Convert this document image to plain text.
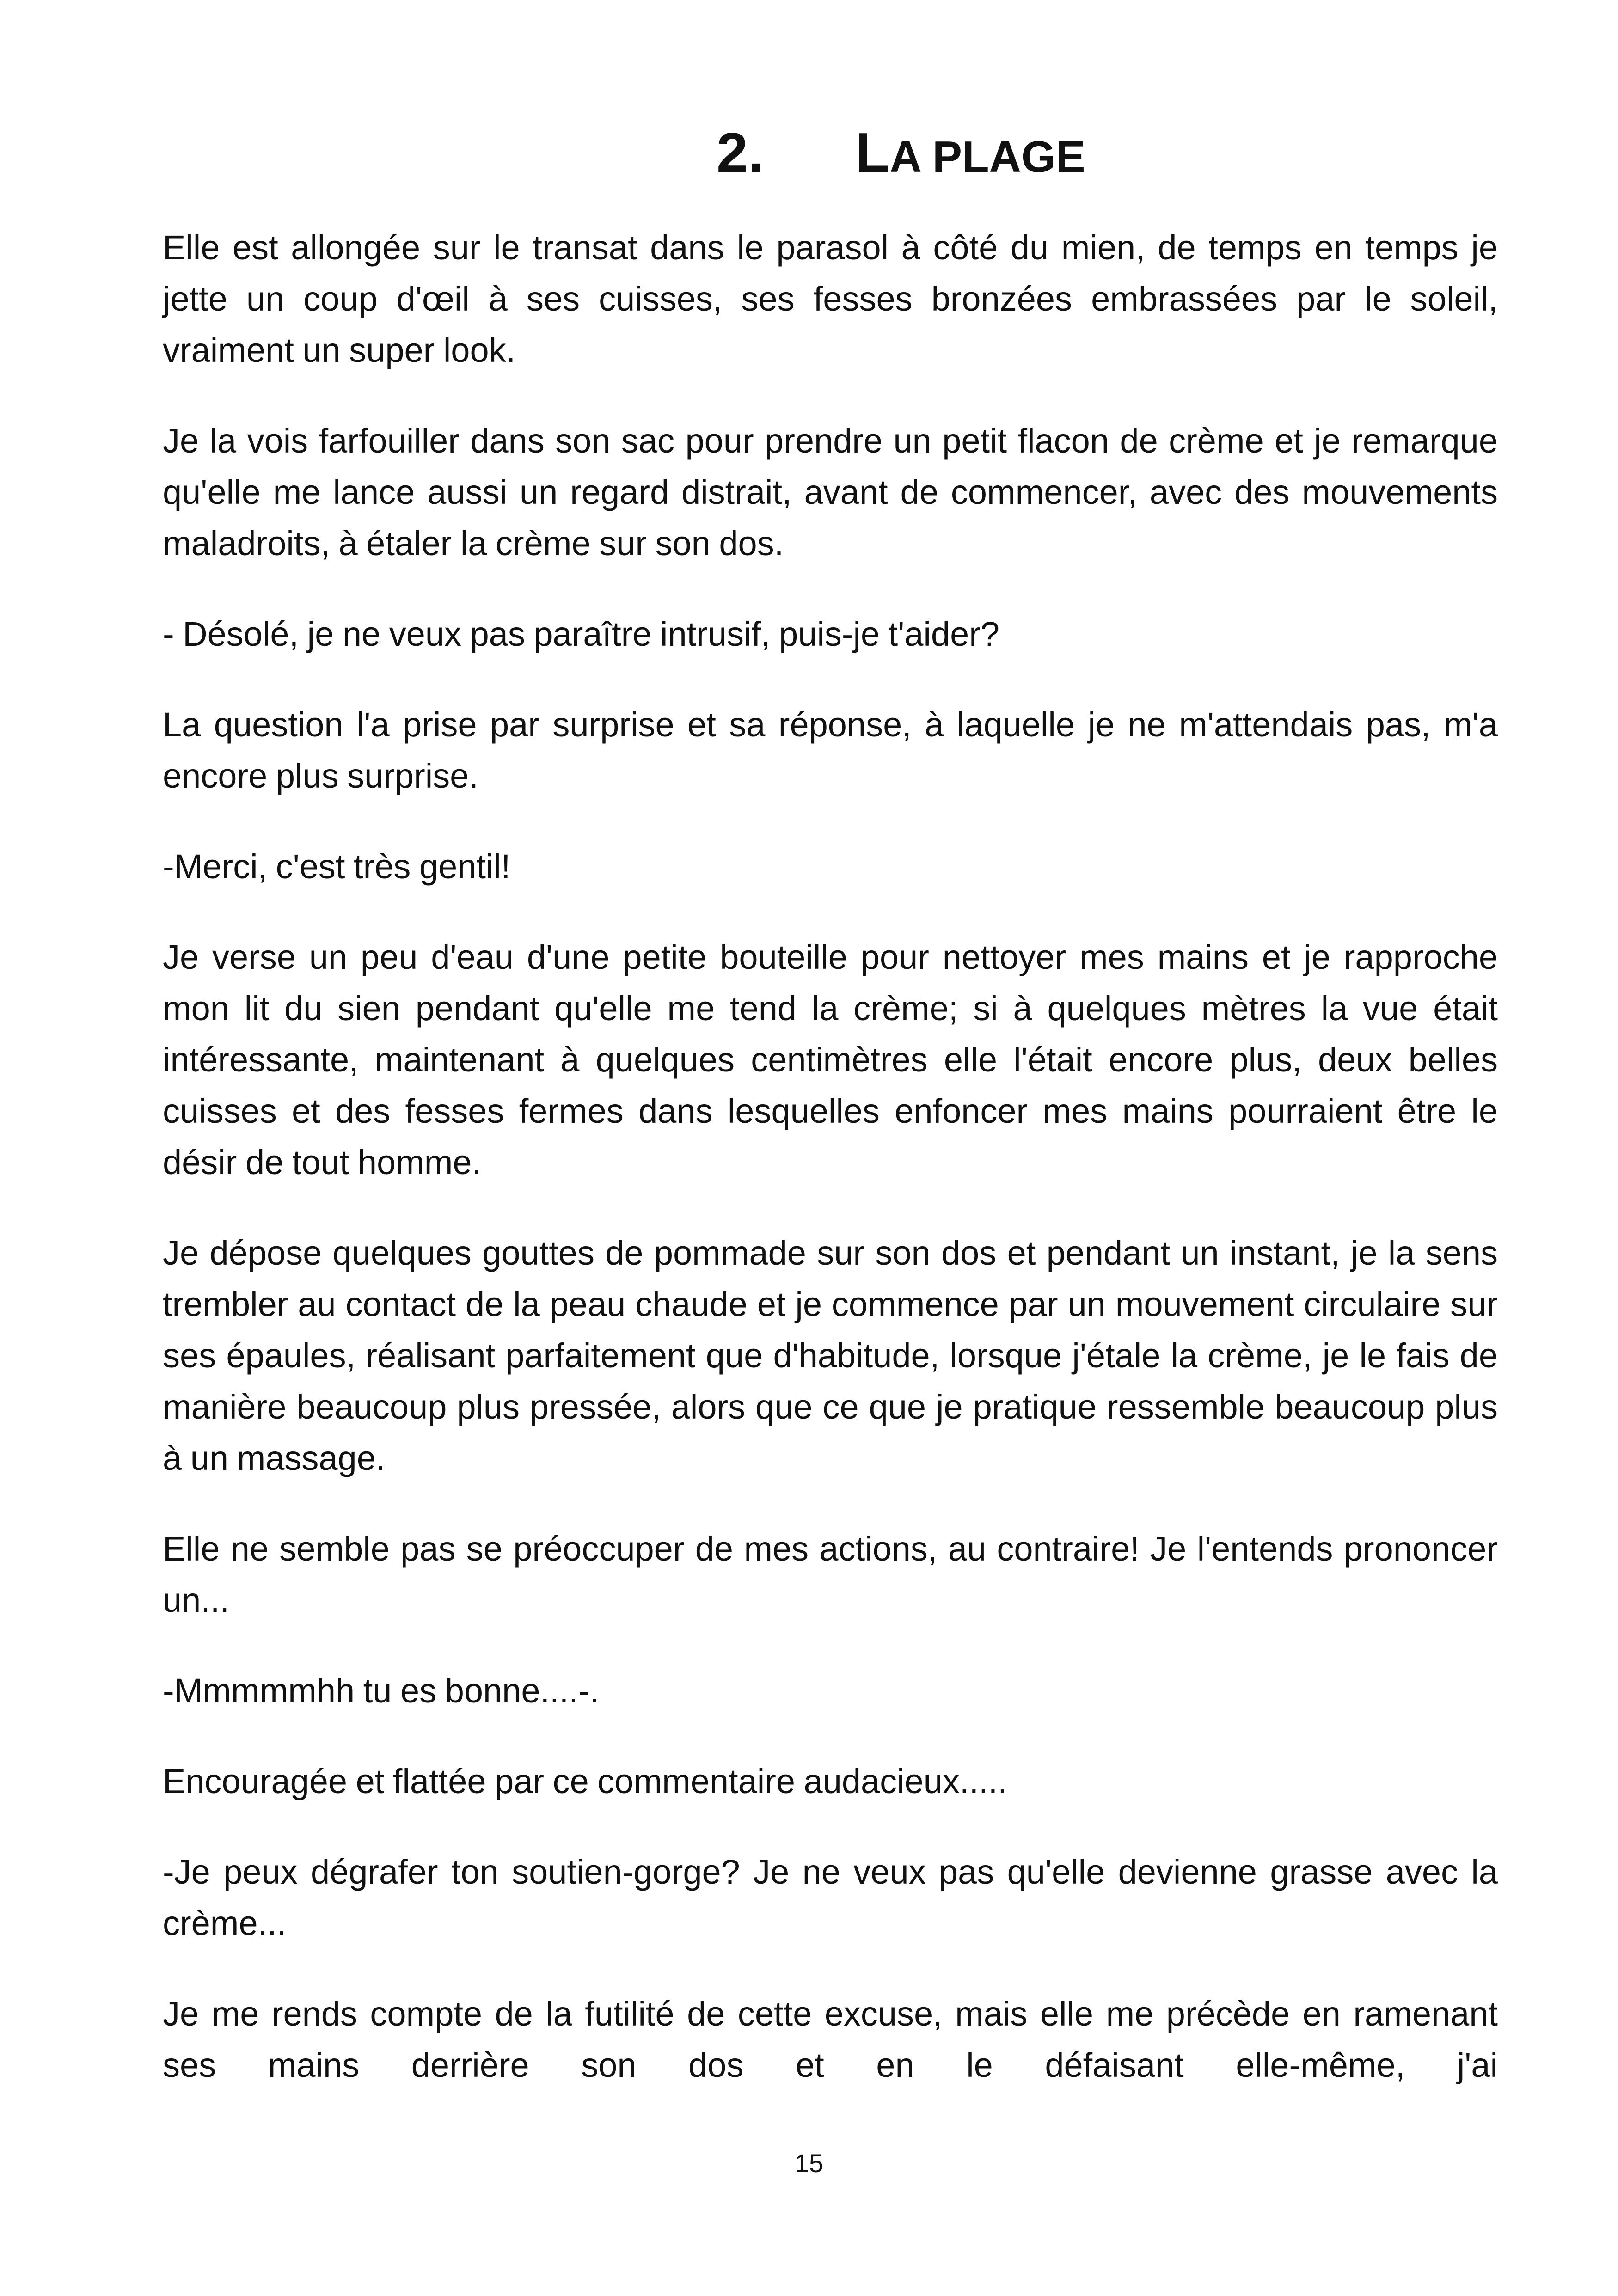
2.	LA PLAGE

Elle est allongée sur le transat dans le parasol à côté du mien, de temps en temps je jette un coup d'œil à ses cuisses, ses fesses bronzées embrassées par le soleil, vraiment un super look.

Je la vois farfouiller dans son sac pour prendre un petit flacon de crème et je remarque qu'elle me lance aussi un regard distrait, avant de commencer, avec des mouvements maladroits, à étaler la crème sur son dos.

- Désolé, je ne veux pas paraître intrusif, puis-je t'aider?

La question l'a prise par surprise et sa réponse, à laquelle je ne m'attendais pas, m'a encore plus surprise.

-Merci, c'est très gentil!

Je verse un peu d'eau d'une petite bouteille pour nettoyer mes mains et je rapproche mon lit du sien pendant qu'elle me tend la crème; si à quelques mètres la vue était intéressante, maintenant à quelques centimètres elle l'était encore plus, deux belles cuisses et des fesses fermes dans lesquelles enfoncer mes mains pourraient être le désir de tout homme.

Je dépose quelques gouttes de pommade sur son dos et pendant un instant, je la sens trembler au contact de la peau chaude et je commence par un mouvement circulaire sur ses épaules, réalisant parfaitement que d'habitude, lorsque j'étale la crème, je le fais de manière beaucoup plus pressée, alors que ce que je pratique ressemble beaucoup plus à un massage.

Elle ne semble pas se préoccuper de mes actions, au contraire! Je l'entends prononcer un...

-Mmmmmhh tu es bonne....-.

Encouragée et flattée par ce commentaire audacieux.....

-Je peux dégrafer ton soutien-gorge? Je ne veux pas qu'elle devienne grasse avec la crème...

Je me rends compte de la futilité de cette excuse, mais elle me précède en ramenant ses mains derrière son dos et en le défaisant elle-même, j'ai

15
